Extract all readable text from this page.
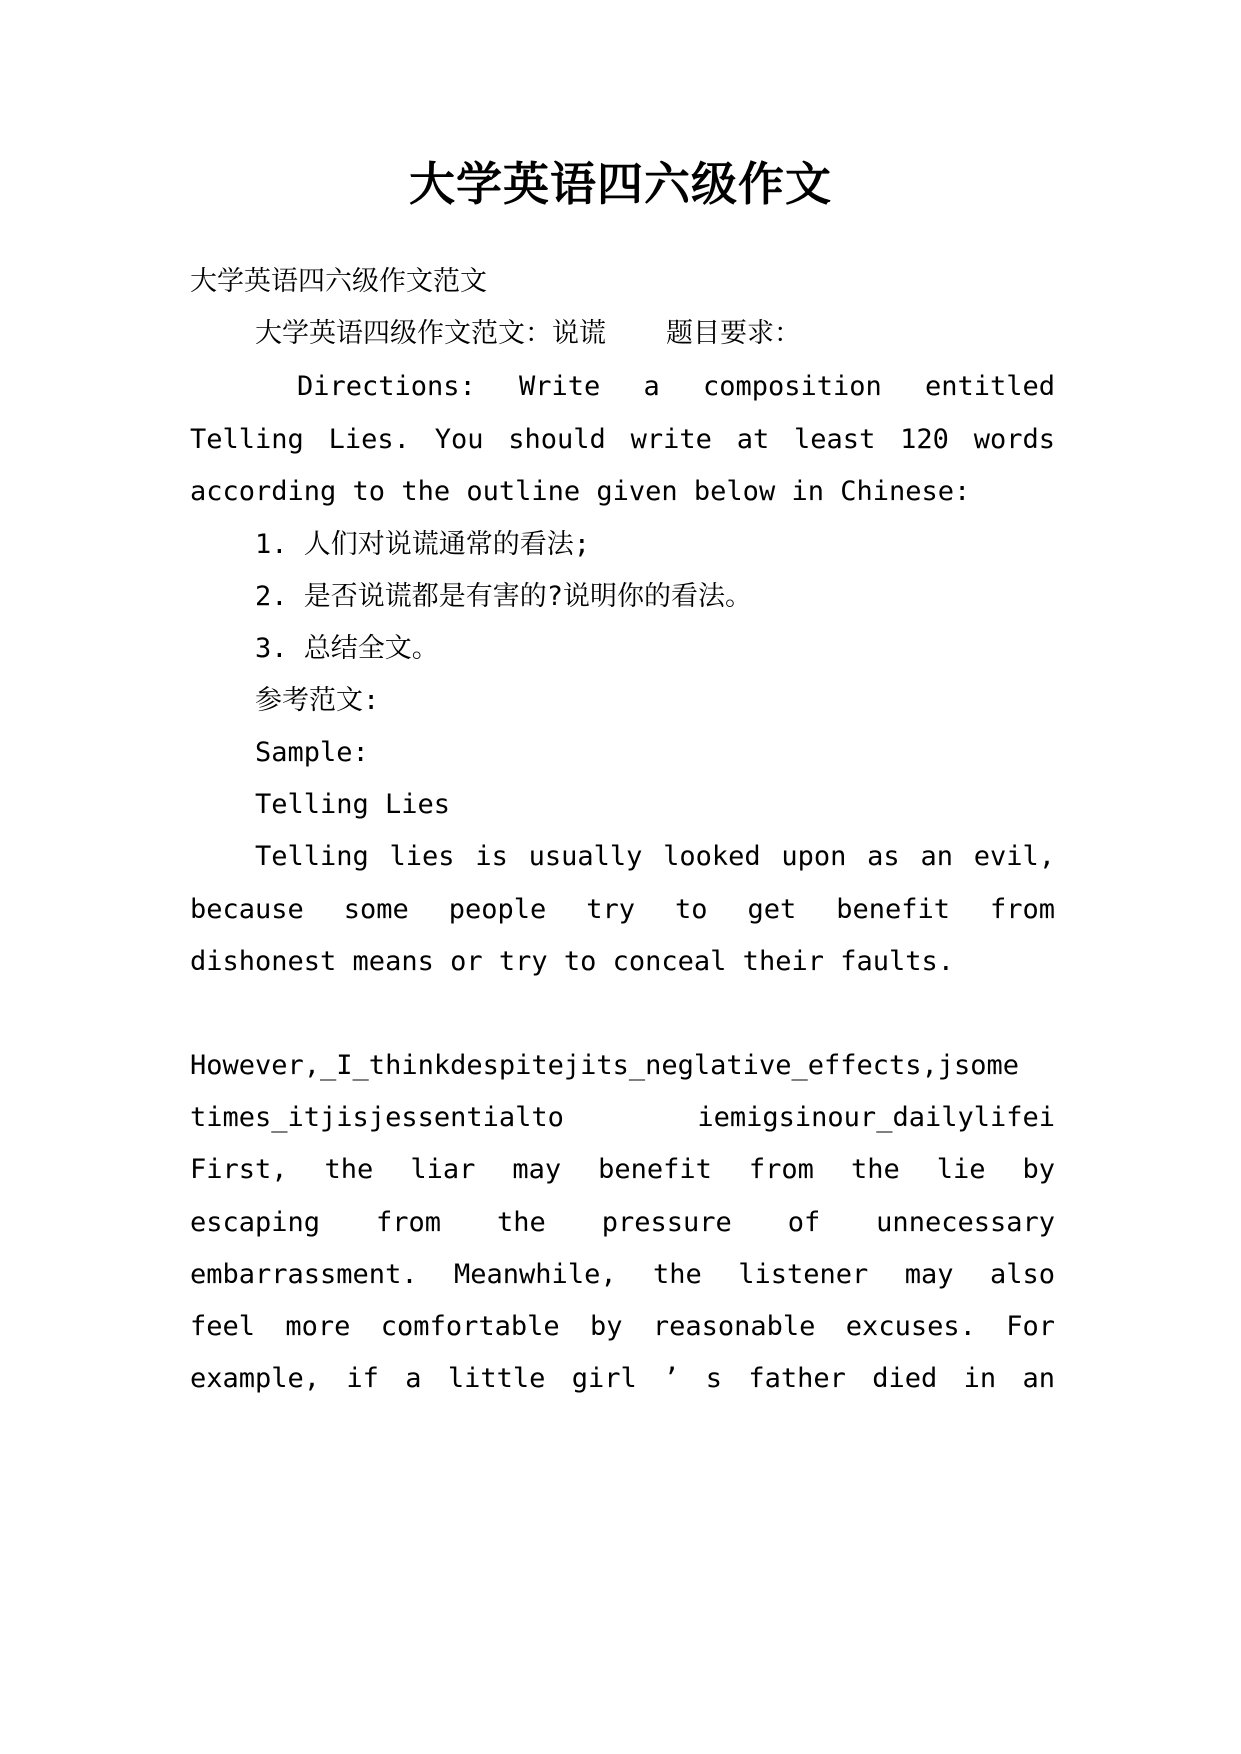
大学英语四六级作文
大学英语四六级作文范文
大学英语四级作文范文：说谎 题目要求：
Directions: Write a composition entitled
Telling Lies. You should write at least 120 words
according to the outline given below in Chinese:
1. 人们对说谎通常的看法;
2. 是否说谎都是有害的?说明你的看法。
3. 总结全文。
参考范文:
Sample:
Telling Lies
Telling lies is usually looked upon as an evil,
because some people try to get benefit from
dishonest means or try to conceal their faults.
However,_I_thinkdespitejits_neglative_effects,jsome
times_itjisjessentialto iemigsinour_dailylifei
First, the liar may benefit from the lie by
escaping from the pressure of unnecessary
embarrassment. Meanwhile, the listener may also
feel more comfortable by reasonable excuses. For
example, if a little girl ’ s father died in an
